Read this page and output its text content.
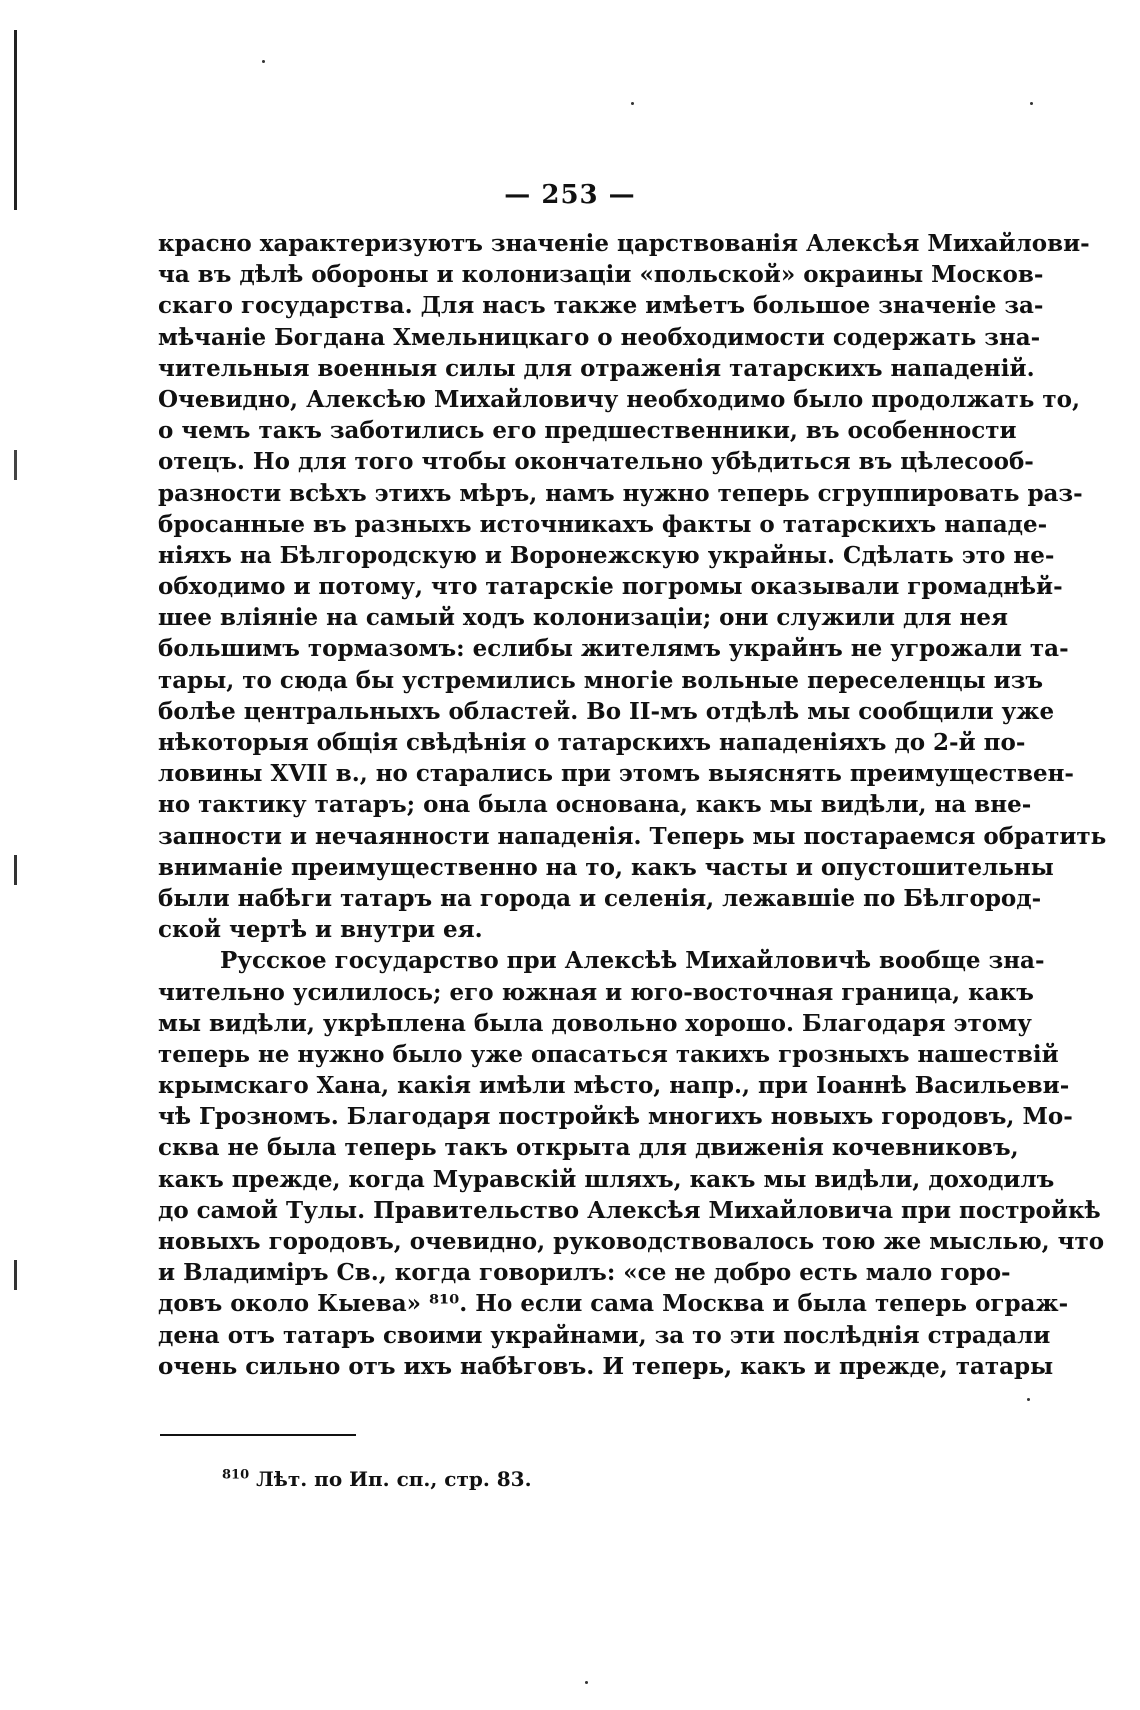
— 253 —
красно характеризуютъ значеніе царствованія Алексѣя Михайлови-
ча въ дѣлѣ обороны и колонизаціи «польской» окраины Москов-
скаго государства. Для насъ также имѣетъ большое значеніе за-
мѣчаніе Богдана Хмельницкаго о необходимости содержать зна-
чительныя военныя силы для отраженія татарскихъ нападеній.
Очевидно, Алексѣю Михайловичу необходимо было продолжать то,
о чемъ такъ заботились его предшественники, въ особенности
отецъ. Но для того чтобы окончательно убѣдиться въ цѣлесооб-
разности всѣхъ этихъ мѣръ, намъ нужно теперь сгруппировать раз-
бросанные въ разныхъ источникахъ факты о татарскихъ нападе-
ніяхъ на Бѣлгородскую и Воронежскую украйны. Сдѣлать это не-
обходимо и потому, что татарскіе погромы оказывали громаднѣй-
шее вліяніе на самый ходъ колонизаціи; они служили для нея
большимъ тормазомъ: еслибы жителямъ украйнъ не угрожали та-
тары, то сюда бы устремились многіе вольные переселенцы изъ
болѣе центральныхъ областей. Во II-мъ отдѣлѣ мы сообщили уже
нѣкоторыя общія свѣдѣнія о татарскихъ нападеніяхъ до 2-й по-
ловины XVII в., но старались при этомъ выяснять преимуществен-
но тактику татаръ; она была основана, какъ мы видѣли, на вне-
запности и нечаянности нападенія. Теперь мы постараемся обратить
вниманіе преимущественно на то, какъ часты и опустошительны
были набѣги татаръ на города и селенія, лежавшіе по Бѣлгород-
ской чертѣ и внутри ея.
Русское государство при Алексѣѣ Михайловичѣ вообще зна-
чительно усилилось; его южная и юго-восточная граница, какъ
мы видѣли, укрѣплена была довольно хорошо. Благодаря этому
теперь не нужно было уже опасаться такихъ грозныхъ нашествій
крымскаго Хана, какія имѣли мѣсто, напр., при Іоаннѣ Васильеви-
чѣ Грозномъ. Благодаря постройкѣ многихъ новыхъ городовъ, Мо-
сква не была теперь такъ открыта для движенія кочевниковъ,
какъ прежде, когда Муравскій шляхъ, какъ мы видѣли, доходилъ
до самой Тулы. Правительство Алексѣя Михайловича при постройкѣ
новыхъ городовъ, очевидно, руководствовалось тою же мыслью, что
и Владиміръ Св., когда говорилъ: «се не добро есть мало горо-
довъ около Кыева» ⁸¹⁰. Но если сама Москва и была теперь ограж-
дена отъ татаръ своими украйнами, за то эти послѣднія страдали
очень сильно отъ ихъ набѣговъ. И теперь, какъ и прежде, татары
$^{810}$ Лѣт. по Ип. сп., стр. 83.
